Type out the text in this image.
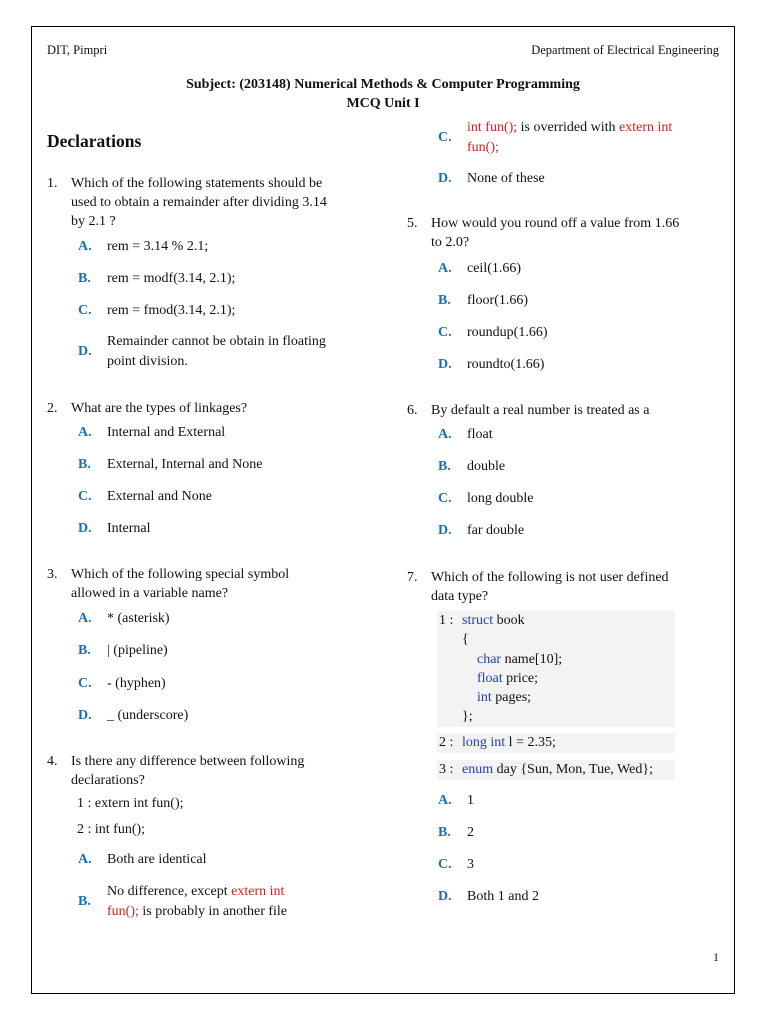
DIT, Pimpri	Department of Electrical Engineering
Subject: (203148) Numerical Methods & Computer Programming
MCQ Unit I
Declarations
1. Which of the following statements should be
used to obtain a remainder after dividing 3.14
by 2.1 ?
A. rem = 3.14 % 2.1;
B. rem = modf(3.14, 2.1);
C. rem = fmod(3.14, 2.1);
D.
Remainder cannot be obtain in floating
point division.
2. What are the types of linkages?
A. Internal and External
B. External, Internal and None
C. External and None
D. Internal
3. Which of the following special symbol
allowed in a variable name?
A. * (asterisk)
B. | (pipeline)
C. - (hyphen)
D. _ (underscore)
4. Is there any difference between following
declarations?
1 : extern int fun();
2 : int fun();
A. Both are identical
B.
No difference, except extern int
fun(); is probably in another file
C.
int fun(); is overrided with extern int
fun();
D. None of these
5. How would you round off a value from 1.66
to 2.0?
A. ceil(1.66)
B. floor(1.66)
C. roundup(1.66)
D. roundto(1.66)
6. By default a real number is treated as a
A. float
B. double
C. long double
D. far double
7. Which of the following is not user defined
data type?
1 : struct book
{
char name[10];
float price;
int pages;
};
2 : long int l = 2.35;
3 : enum day {Sun, Mon, Tue, Wed};
A. 1
B. 2
C. 3
D. Both 1 and 2
1
